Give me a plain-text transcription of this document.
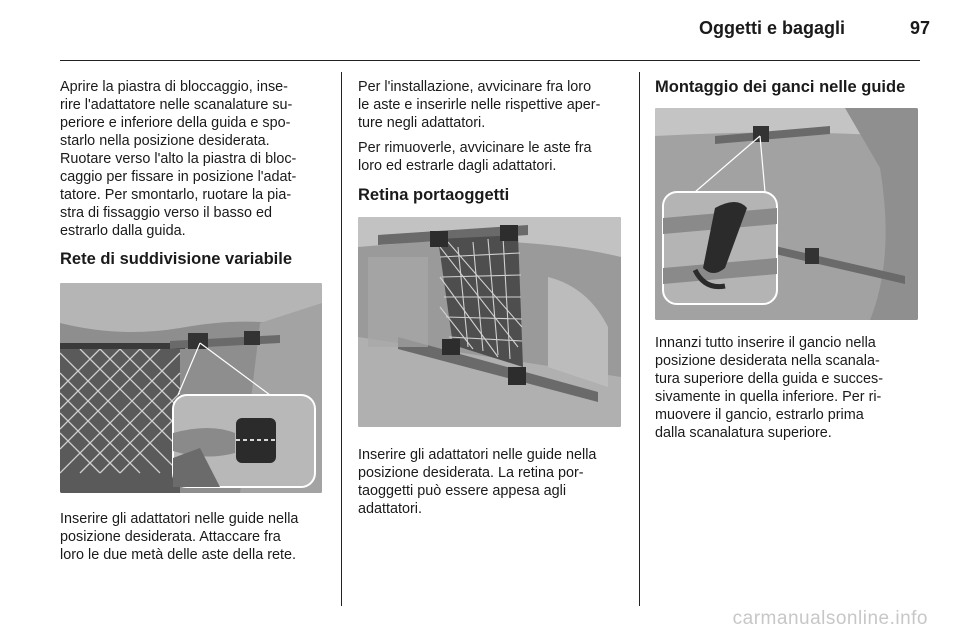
Oggetti e bagagli	97

Aprire la piastra di bloccaggio, inse-
rire l'adattatore nelle scanalature su-
periore e inferiore della guida e spo-
starlo nella posizione desiderata.
Ruotare verso l'alto la piastra di bloc-
caggio per fissare in posizione l'adat-
tatore. Per smontarlo, ruotare la pia-
stra di fissaggio verso il basso ed
estrarlo dalla guida.

Rete di suddivisione variabile

Inserire gli adattatori nelle guide nella
posizione desiderata. Attaccare fra
loro le due metà delle aste della rete.

Per l'installazione, avvicinare fra loro
le aste e inserirle nelle rispettive aper-
ture negli adattatori.

Per rimuoverle, avvicinare le aste fra
loro ed estrarle dagli adattatori.

Retina portaoggetti

Inserire gli adattatori nelle guide nella
posizione desiderata. La retina por-
taoggetti può essere appesa agli
adattatori.

Montaggio dei ganci nelle guide

Innanzi tutto inserire il gancio nella
posizione desiderata nella scanala-
tura superiore della guida e succes-
sivamente in quella inferiore. Per ri-
muovere il gancio, estrarlo prima
dalla scanalatura superiore.

carmanualsonline.info
